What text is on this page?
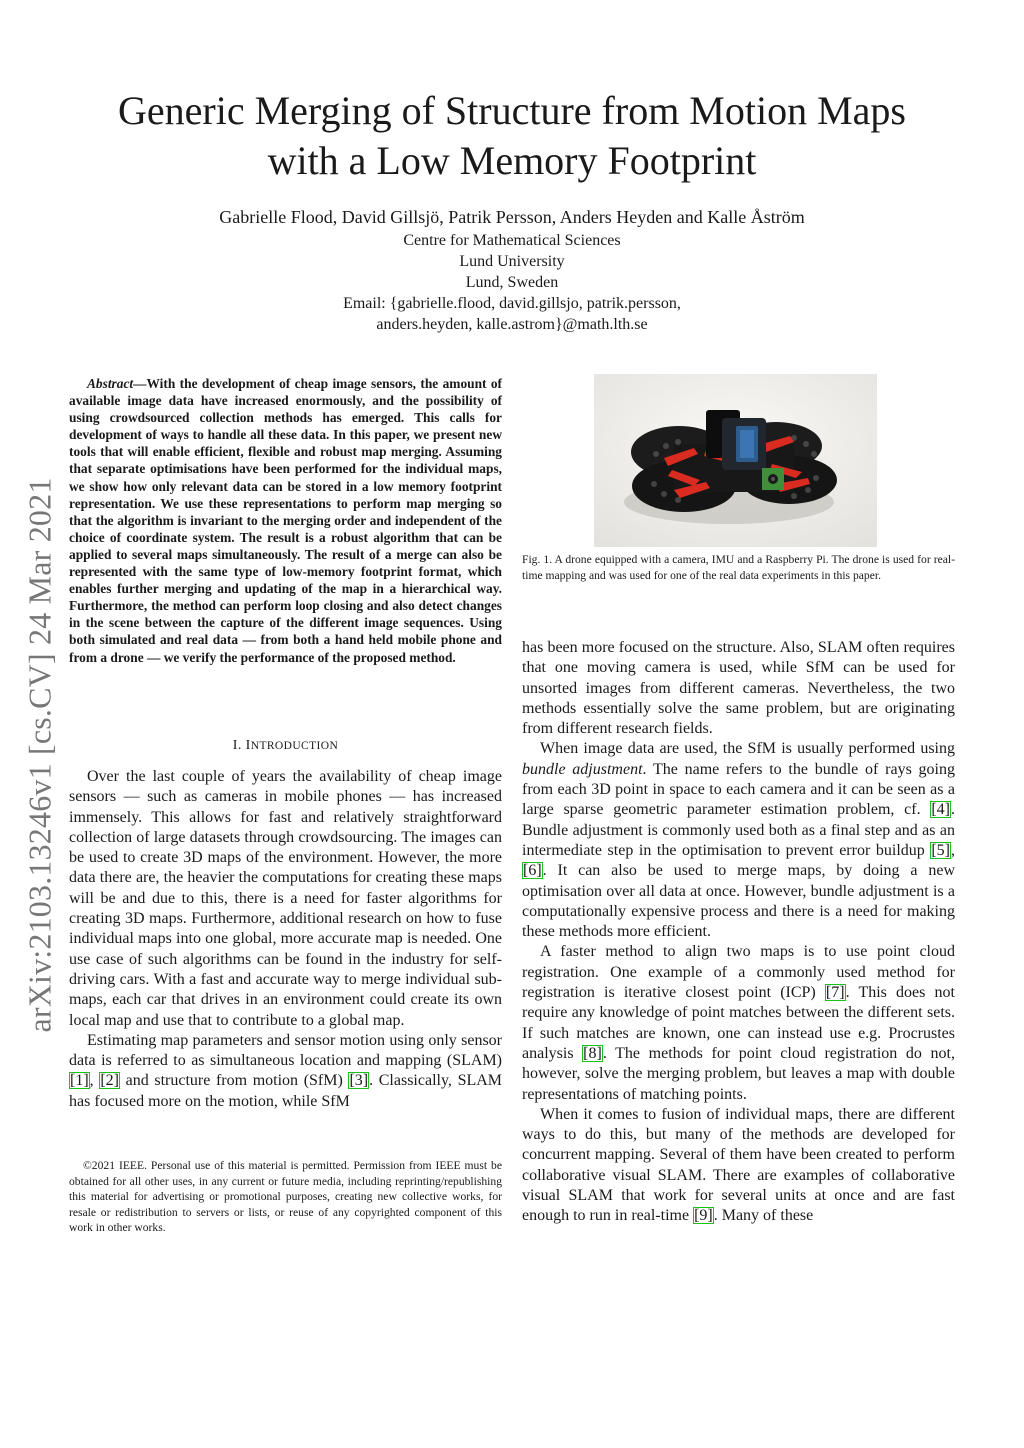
arXiv:2103.13246v1 [cs.CV] 24 Mar 2021
Generic Merging of Structure from Motion Maps
with a Low Memory Footprint
Gabrielle Flood, David Gillsjö, Patrik Persson, Anders Heyden and Kalle Åström
Centre for Mathematical Sciences
Lund University
Lund, Sweden
Email: {gabrielle.flood, david.gillsjo, patrik.persson,
anders.heyden, kalle.astrom}@math.lth.se
Abstract—With the development of cheap image sensors, the amount of available image data have increased enormously, and the possibility of using crowdsourced collection methods has emerged. This calls for development of ways to handle all these data. In this paper, we present new tools that will enable efficient, flexible and robust map merging. Assuming that separate optimisations have been performed for the individual maps, we show how only relevant data can be stored in a low memory footprint representation. We use these representations to perform map merging so that the algorithm is invariant to the merging order and independent of the choice of coordinate system. The result is a robust algorithm that can be applied to several maps simultaneously. The result of a merge can also be represented with the same type of low-memory footprint format, which enables further merging and updating of the map in a hierarchical way. Furthermore, the method can perform loop closing and also detect changes in the scene between the capture of the different image sequences. Using both simulated and real data — from both a hand held mobile phone and from a drone — we verify the performance of the proposed method.
I. INTRODUCTION

Over the last couple of years the availability of cheap image sensors — such as cameras in mobile phones — has increased immensely. This allows for fast and relatively straightforward collection of large datasets through crowdsourcing. The images can be used to create 3D maps of the environment. However, the more data there are, the heavier the computations for creating these maps will be and due to this, there is a need for faster algorithms for creating 3D maps. Furthermore, additional research on how to fuse individual maps into one global, more accurate map is needed. One use case of such algorithms can be found in the industry for self-driving cars. With a fast and accurate way to merge individual sub-maps, each car that drives in an environment could create its own local map and use that to contribute to a global map.

Estimating map parameters and sensor motion using only sensor data is referred to as simultaneous location and mapping (SLAM) [1], [2] and structure from motion (SfM) [3]. Classically, SLAM has focused more on the motion, while SfM

©2021 IEEE. Personal use of this material is permitted. Permission from IEEE must be obtained for all other uses, in any current or future media, including reprinting/republishing this material for advertising or promotional purposes, creating new collective works, for resale or redistribution to servers or lists, or reuse of any copyrighted component of this work in other works.
Fig. 1. A drone equipped with a camera, IMU and a Raspberry Pi. The drone is used for real-time mapping and was used for one of the real data experiments in this paper.

has been more focused on the structure. Also, SLAM often requires that one moving camera is used, while SfM can be used for unsorted images from different cameras. Nevertheless, the two methods essentially solve the same problem, but are originating from different research fields.

When image data are used, the SfM is usually performed using bundle adjustment. The name refers to the bundle of rays going from each 3D point in space to each camera and it can be seen as a large sparse geometric parameter estimation problem, cf. [4]. Bundle adjustment is commonly used both as a final step and as an intermediate step in the optimisation to prevent error buildup [5], [6]. It can also be used to merge maps, by doing a new optimisation over all data at once. However, bundle adjustment is a computationally expensive process and there is a need for making these methods more efficient.

A faster method to align two maps is to use point cloud registration. One example of a commonly used method for registration is iterative closest point (ICP) [7]. This does not require any knowledge of point matches between the different sets. If such matches are known, one can instead use e.g. Procrustes analysis [8]. The methods for point cloud registration do not, however, solve the merging problem, but leaves a map with double representations of matching points.

When it comes to fusion of individual maps, there are different ways to do this, but many of the methods are developed for concurrent mapping. Several of them have been created to perform collaborative visual SLAM. There are examples of collaborative visual SLAM that work for several units at once and are fast enough to run in real-time [9]. Many of these
